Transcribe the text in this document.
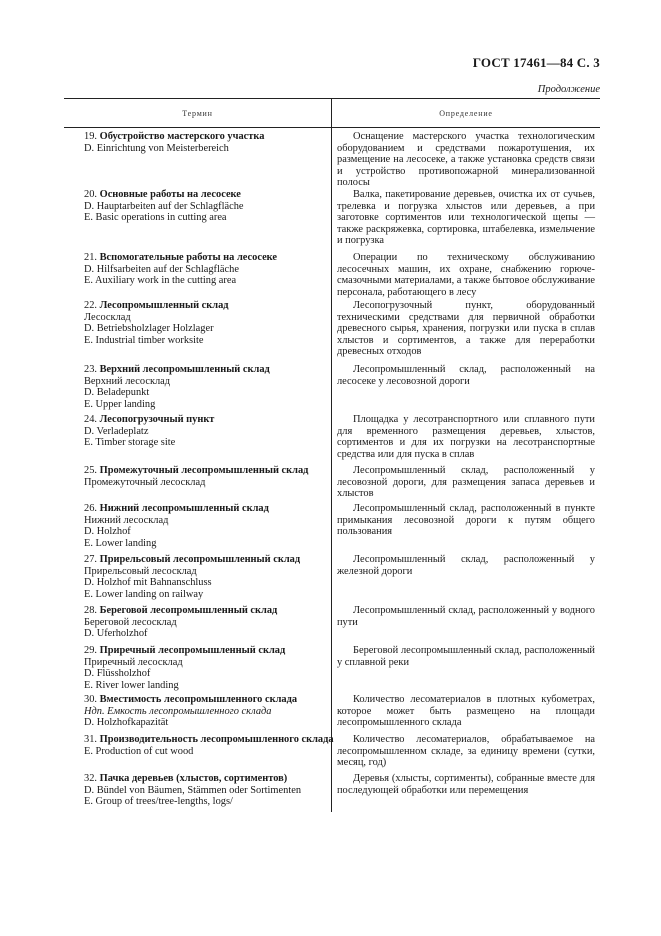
ГОСТ 17461—84 С. 3
Продолжение
Термин	Определение
19. Обустройство мастерского участка
D. Einrichtung von Meisterbereich
Оснащение мастерского участка технологическим оборудованием и средствами пожаротушения, их размещение на лесосеке, а также установка средств связи и устройство противопожарной минерализованной полосы
20. Основные работы на лесосеке
D. Hauptarbeiten auf der Schlagfläche
E. Basic operations in cutting area
Валка, пакетирование деревьев, очистка их от сучьев, трелевка и погрузка хлыстов или деревьев, а при заготовке сортиментов или технологической щепы — также раскряжевка, сортировка, штабелевка, измельчение и погрузка
21. Вспомогательные работы на лесосеке
D. Hilfsarbeiten auf der Schlagfläche
E. Auxiliary work in the cutting area
Операции по техническому обслуживанию лесосечных машин, их охране, снабжению горюче-смазочными материалами, а также бытовое обслуживание персонала, работающего в лесу
22. Лесопромышленный склад
Лесосклад
D. Betriebsholzlager Holzlager
E. Industrial timber worksite
Лесопогрузочный пункт, оборудованный техническими средствами для первичной обработки древесного сырья, хранения, погрузки или пуска в сплав хлыстов и сортиментов, а также для переработки древесных отходов
23. Верхний лесопромышленный склад
Верхний лесосклад
D. Beladepunkt
E. Upper landing
Лесопромышленный склад, расположенный на лесосеке у лесовозной дороги
24. Лесопогрузочный пункт
D. Verladeplatz
E. Timber storage site
Площадка у лесотранспортного или сплавного пути для временного размещения деревьев, хлыстов, сортиментов и для их погрузки на лесотранспортные средства или для пуска в сплав
25. Промежуточный лесопромышленный склад
Промежуточный лесосклад
Лесопромышленный склад, расположенный у лесовозной дороги, для размещения запаса деревьев и хлыстов
26. Нижний лесопромышленный склад
Нижний лесосклад
D. Holzhof
E. Lower landing
Лесопромышленный склад, расположенный в пункте примыкания лесовозной дороги к путям общего пользования
27. Прирельсовый лесопромышленный склад
Прирельсовый лесосклад
D. Holzhof mit Bahnanschluss
E. Lower landing on railway
Лесопромышленный склад, расположенный у железной дороги
28. Береговой лесопромышленный склад
Береговой лесосклад
D. Uferholzhof
Лесопромышленный склад, расположенный у водного пути
29. Приречный лесопромышленный склад
Приречный лесосклад
D. Flüssholzhof
E. River lower landing
Береговой лесопромышленный склад, расположенный у сплавной реки
30. Вместимость лесопромышленного склада
Ндп. Емкость лесопромышленного склада
D. Holzhofkapazität
Количество лесоматериалов в плотных кубометрах, которое может быть размещено на площади лесопромышленного склада
31. Производительность лесопромышленного склада
E. Production of cut wood
Количество лесоматериалов, обрабатываемое на лесопромышленном складе, за единицу времени (сутки, месяц, год)
32. Пачка деревьев (хлыстов, сортиментов)
D. Bündel von Bäumen, Stämmen oder Sortimenten
E. Group of trees/tree-lengths, logs/
Деревья (хлысты, сортименты), собранные вместе для последующей обработки или перемещения
